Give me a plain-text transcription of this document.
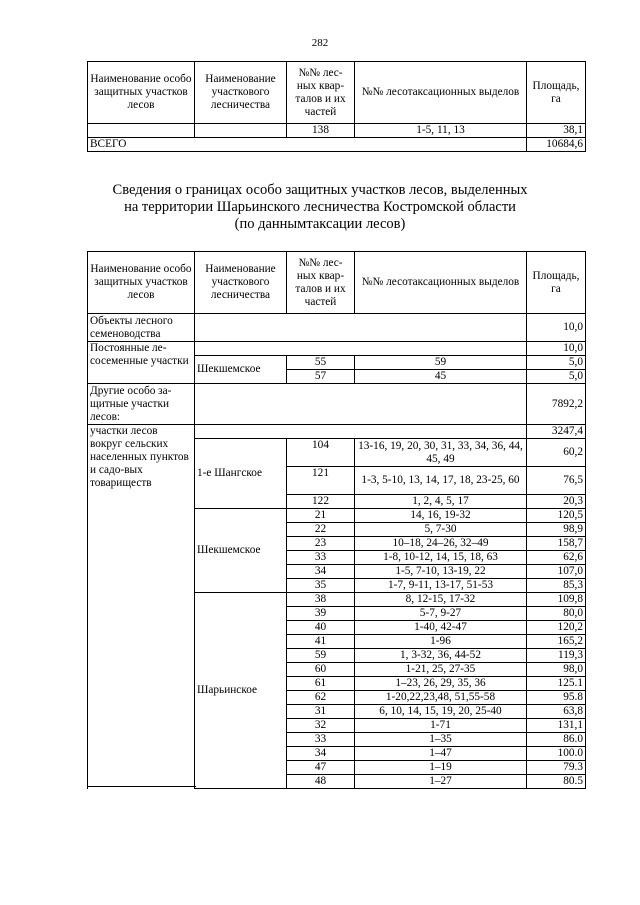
282
Наименование особо защитных участков лесов	Наименование участкового лесничества	№№ лес-ных квар-талов и их частей	№№ лесотаксационных выделов	Площадь, га
		138	1-5, 11, 13	38,1
ВСЕГО				10684,6
Сведения о границах особо защитных участков лесов, выделенных
на территории Шарьинского лесничества Костромской области
(по даннымтаксации лесов)
Наименование особо защитных участков лесов	Наименование участкового лесничества	№№ лес-ных квар-талов и их частей	№№ лесотаксационных выделов	Площадь, га
Объекты лесного семеноводства				10,0
Постоянные ле-сосеменные участки				10,0
	Шекшемское	55	59	5,0
		57	45	5,0
Другие особо за-щитные участки лесов:				7892,2
участки лесов вокруг сельских населенных пунктов и садо-вых товариществ				3247,4
	1-е Шангское	104	13-16, 19, 20, 30, 31, 33, 34, 36, 44, 45, 49	60,2
		121	1-3, 5-10, 13, 14, 17, 18, 23-25, 60	76,5
		122	1, 2, 4, 5, 17	20,3
	Шекшемское	21	14, 16, 19-32	120,5
		22	5, 7-30	98,9
		23	10–18, 24–26, 32–49	158,7
		33	1-8, 10-12, 14, 15, 18, 63	62,6
		34	1-5, 7-10, 13-19, 22	107,0
		35	1-7, 9-11, 13-17, 51-53	85,3
	Шарьинское	38	8, 12-15, 17-32	109,8
		39	5-7, 9-27	80,0
		40	1-40, 42-47	120,2
		41	1-96	165,2
		59	1, 3-32, 36, 44-52	119,3
		60	1-21, 25, 27-35	98,0
		61	1–23, 26, 29, 35, 36	125.1
		62	1-20,22,23,48, 51,55-58	95.8
		31	6, 10, 14, 15, 19, 20, 25-40	63,8
		32	1-71	131,1
		33	1–35	86.0
		34	1–47	100.0
		47	1–19	79.3
		48	1–27	80.5
